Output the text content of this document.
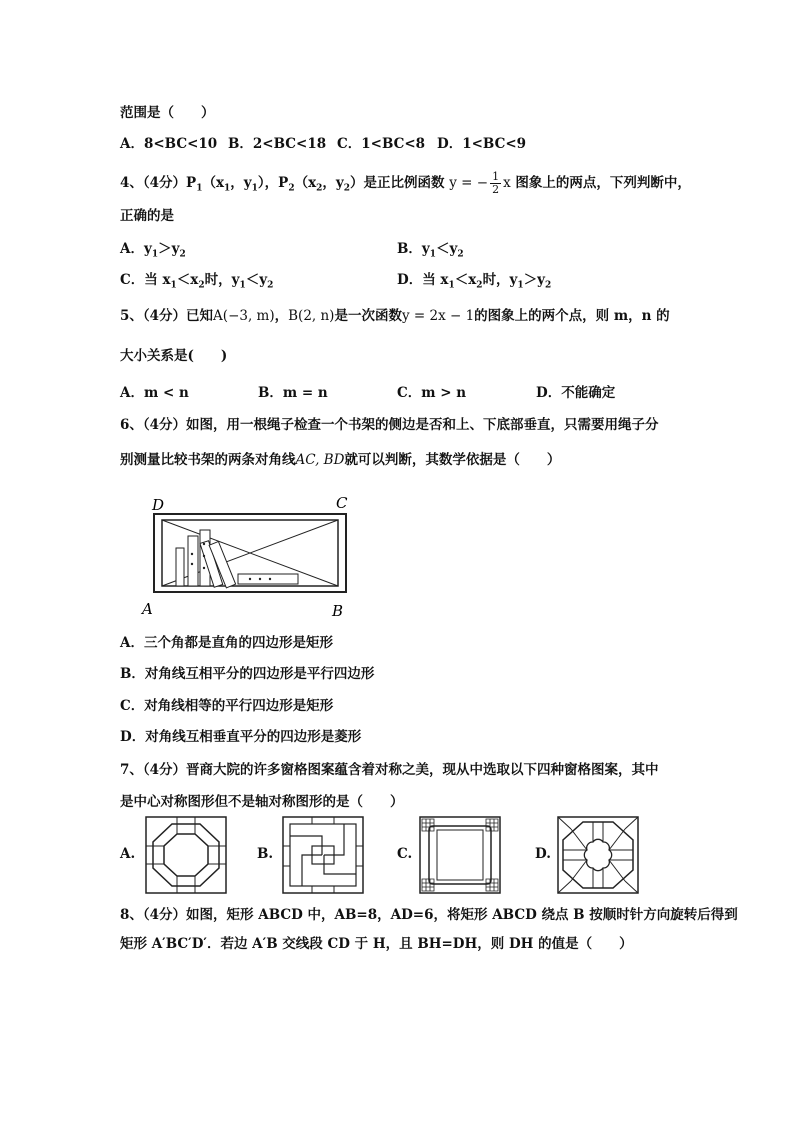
范围是（　　）
A．8<BC<10 B．2<BC<18 C．1<BC<8 D．1<BC<9
4、（4分）$P_1(x_1$，$y_1$），$P_2(x_2$，$y_2$）是正比例函数 y = − $\frac{1}{2}$ x 图象上的两点，下列判断中，
正确的是
A．$y_1>y_2$	B．$y_1<y_2$
C．当 $x_1<x_2$时，$y_1<y_2$	D．当 $x_1<x_2$时，$y_1>y_2$
5、（4分）已知A(−3, m)，B(2, n)是一次函数y = 2x − 1的图象上的两个点，则 m，n 的
大小关系是(　　)
A．m < n	B．m = n	C．m > n	D．不能确定
6、（4分）如图，用一根绳子检查一个书架的侧边是否和上、下底部垂直，只需要用绳子分
别测量比较书架的两条对角线AC, BD就可以判断，其数学依据是（　　）
D	C
A	B
A．三个角都是直角的四边形是矩形
B．对角线互相平分的四边形是平行四边形
C．对角线相等的平行四边形是矩形
D．对角线互相垂直平分的四边形是菱形
7、（4分）晋商大院的许多窗格图案蕴含着对称之美，现从中选取以下四种窗格图案，其中
是中心对称图形但不是轴对称图形的是（　　）
A.	B.	C.	D.
8、（4分）如图，矩形 ABCD 中，AB=8，AD=6，将矩形 ABCD 绕点 B 按顺时针方向旋转后得到
矩形 A′BC′D′．若边 A′B 交线段 CD 于 H，且 BH=DH，则 DH 的值是（　　）
